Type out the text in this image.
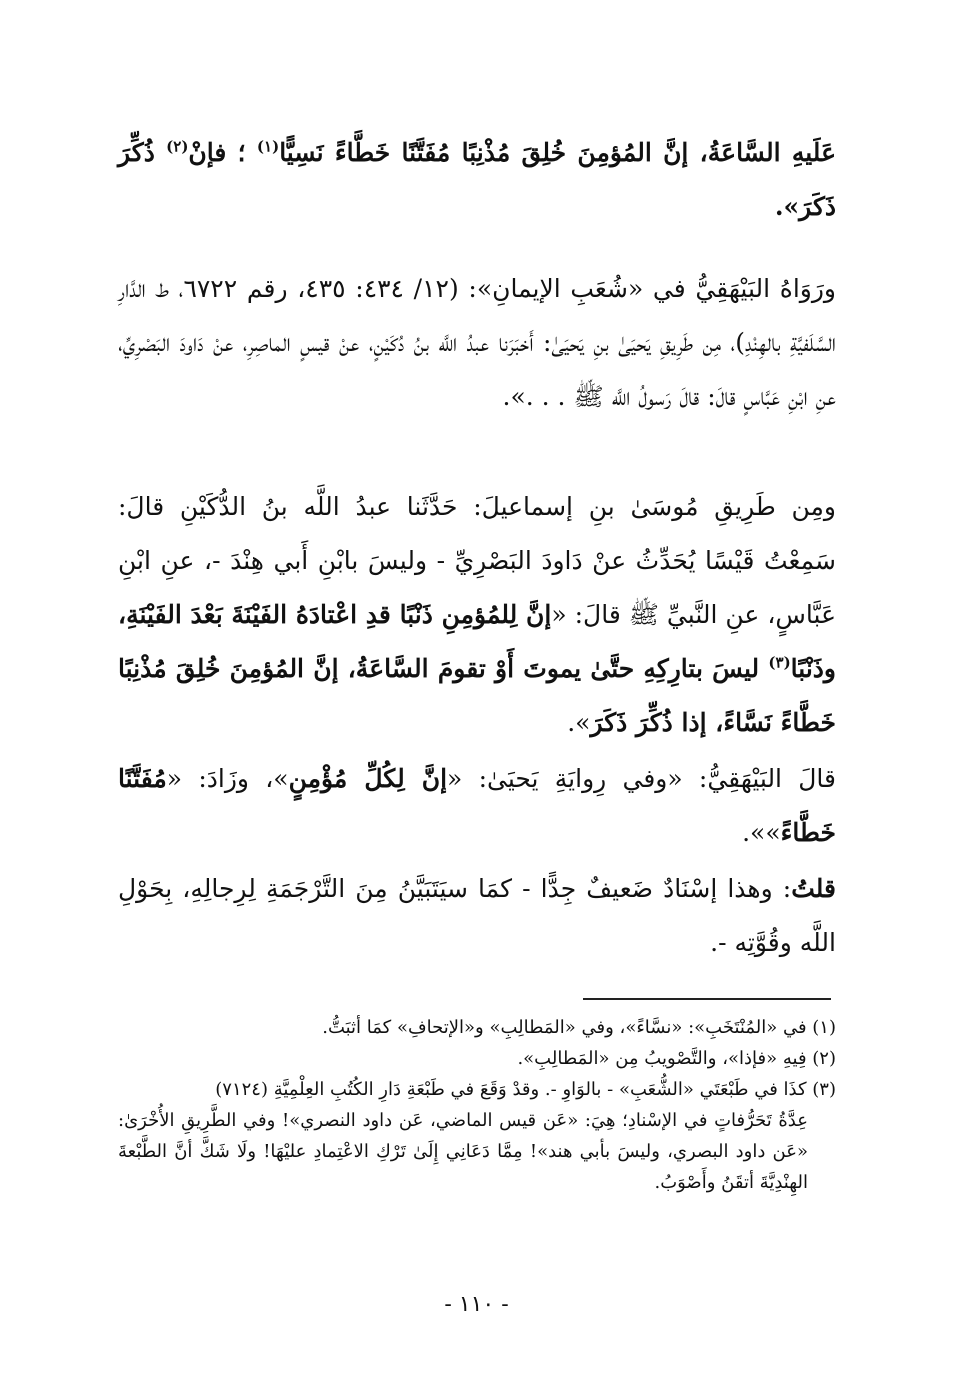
عَلَيهِ السَّاعَةُ، إنَّ المُؤمِنَ خُلِقَ مُذْنِبًا مُفَتَّنًا خَطَّاءً نَسِيًّا$^{(١)}$ ؛ فإنْ$^{(٢)}$ ذُكِّرَ ذَكَرَ».

ورَوَاهُ البَيْهَقِيُّ في «شُعَبِ الإيمانِ»: (١٢/ ٤٣٤: ٤٣٥، رقم ٦٧٢٢، ط الدَّارِ السَّلَفيَّةِ بالهِنْدِ)، مِن طَرِيقِ يَحيَىٰ بنِ يَحيَىٰ: أَخبَرَنا عبدُ اللَّه بنُ دُكَيْنٍ، عنْ قيسٍ الماصِرِ، عنْ دَاودَ البَصْرِيِّ، عنِ ابْنِ عَبَّاسٍ قالَ: قالَ رَسولُ اللَّه ﷺ . . .».

ومِن طَرِيقِ مُوسَىٰ بنِ إسماعيلَ: حَدَّثَنا عبدُ اللَّه بنُ الدُّكَيْنِ قالَ: سَمِعْتُ قَيْسًا يُحَدِّثُ عنْ دَاودَ البَصْرِيِّ - وليسَ بابْنِ أَبي هِنْدَ -، عنِ ابْنِ عَبَّاسٍ، عنِ النَّبيِّ ﷺ قالَ: «إنَّ لِلمُؤمِنِ ذَنْبًا قدِ اعْتادَهُ الفَيْنَةَ بَعْدَ الفَيْنَةِ، وذَنْبًا$^{(٣)}$ ليسَ بتارِكِهِ حتَّىٰ يموتَ أَوْ تقومَ السَّاعَةُ، إنَّ المُؤمِنَ خُلِقَ مُذْنِبًا خَطَّاءً نَسَّاءً، إذا ذُكِّرَ ذَكَرَ».

قالَ البَيْهَقِيُّ: «وفي رِوايَةِ يَحيَىٰ: «إنَّ لِكُلِّ مُؤْمِنٍ»، وزَادَ: «مُفَتَّنًا خَطَّاءً»».

قلتُ: وهذا إسْنَادٌ ضَعيفٌ جِدًّا - كمَا سيَتَبَيَّنُ مِنَ التَّرْجَمَةِ لِرِجالِهِ، بِحَوْلِ اللَّه وقُوَّتِه -.

(١) في «المُنْتَخَبِ»: «نسَّاءً»، وفي «المَطالِبِ» و«الإتحافِ» كمَا أثبَتُّ.

(٢) فِيهِ «فإذا»، والتَّصْويبُ مِن «المَطالِبِ».

(٣) كذَا في طَبْعَتَي «الشُّعَبِ» - بالوَاوِ -. وقدْ وَقَعَ في طَبْعَةِ دَارِ الكُتُبِ العِلْمِيَّةِ (٧١٢٤)

عِدَّةُ تَحَرُّفاتٍ في الإسْنادِ؛ هِيَ: «عَن قيس الماضي، عَن داود النصري»! وفي الطَّرِيقِ الأُخْرَىٰ: «عَن داود البصري، وليسَ بأبي هند»! مِمَّا دَعَانِي إِلَىٰ تَرْكِ الاعْتِمادِ عليْهَا! ولَا شَكَّ أنَّ الطَّبْعةَ الهِنْدِيَّةَ أتقَنُ وأَصْوَبُ.

- ١١٠ -
